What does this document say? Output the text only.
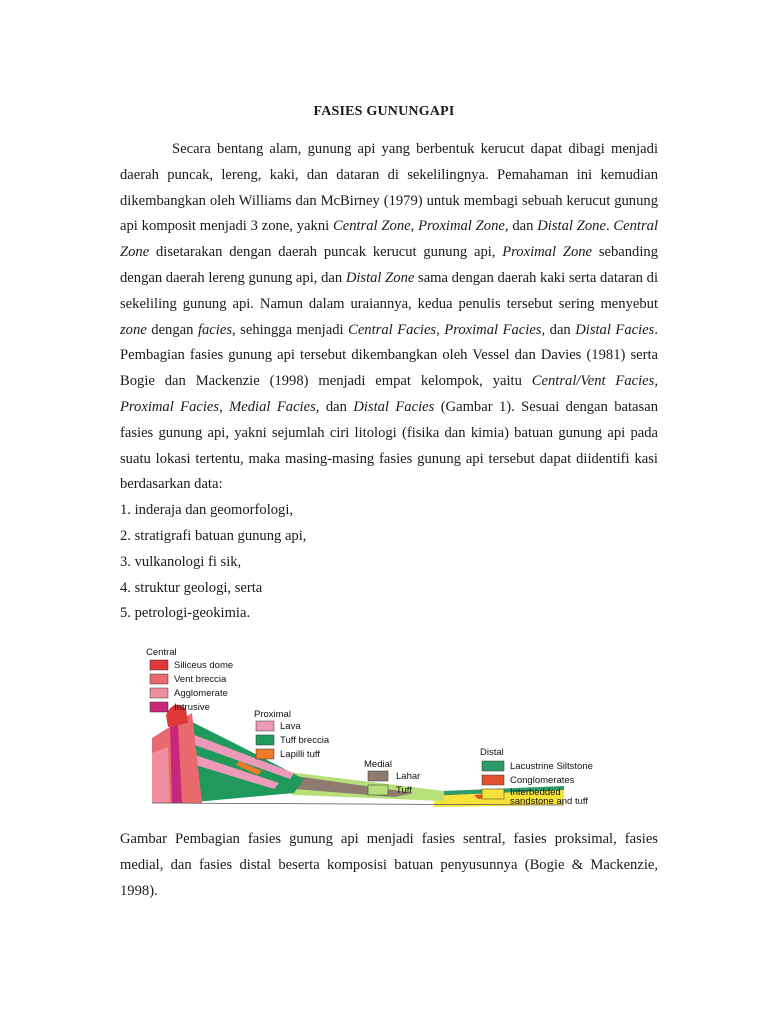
FASIES GUNUNGAPI

Secara bentang alam, gunung api yang berbentuk kerucut dapat dibagi menjadi daerah puncak, lereng, kaki, dan dataran di sekelilingnya. Pemahaman ini kemudian dikembangkan oleh Williams dan McBirney (1979) untuk membagi sebuah kerucut gunung api komposit menjadi 3 zone, yakni Central Zone, Proximal Zone, dan Distal Zone. Central Zone disetarakan dengan daerah puncak kerucut gunung api, Proximal Zone sebanding dengan daerah lereng gunung api, dan Distal Zone sama dengan daerah kaki serta dataran di sekeliling gunung api. Namun dalam uraiannya, kedua penulis tersebut sering menyebut zone dengan facies, sehingga menjadi Central Facies, Proximal Facies, dan Distal Facies. Pembagian fasies gunung api tersebut dikembangkan oleh Vessel dan Davies (1981) serta Bogie dan Mackenzie (1998) menjadi empat kelompok, yaitu Central/Vent Facies, Proximal Facies, Medial Facies, dan Distal Facies (Gambar 1). Sesuai dengan batasan fasies gunung api, yakni sejumlah ciri litologi (fisika dan kimia) batuan gunung api pada suatu lokasi tertentu, maka masing-masing fasies gunung api tersebut dapat diidentifi kasi berdasarkan data:

1. inderaja dan geomorfologi,
2. stratigrafi batuan gunung api,
3. vulkanologi fi sik,
4. struktur geologi, serta
5. petrologi-geokimia.
Central
Siliceus dome
Vent breccia
Agglomerate
Intrusive
Proximal
Lava
Tuff breccia
Lapilli tuff
Medial
Lahar
Tuff
Distal
Lacustrine Siltstone
Conglomerates
Interbedded
sandstone and tuff
Gambar Pembagian fasies gunung api menjadi fasies sentral, fasies proksimal, fasies medial, dan fasies distal beserta komposisi batuan penyusunnya (Bogie & Mackenzie, 1998).
